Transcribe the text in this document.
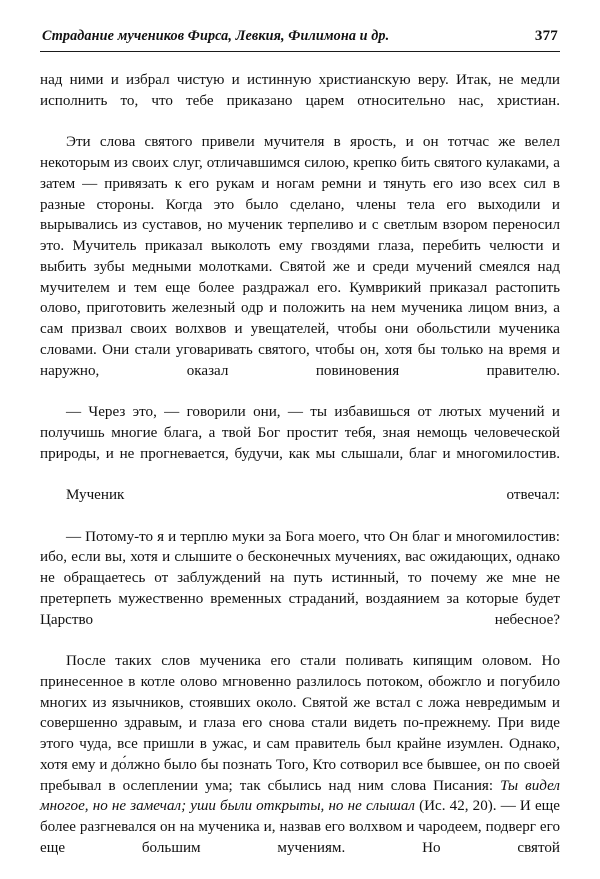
Страдание мучеников Фирса, Левкия, Филимона и др.	377

над ними и избрал чистую и истинную христианскую веру. Итак, не медли исполнить то, что тебе приказано царем относительно нас, христиан.

Эти слова святого привели мучителя в ярость, и он тотчас же велел некоторым из своих слуг, отличавшимся силою, крепко бить святого кулаками, а затем — привязать к его рукам и ногам ремни и тянуть его изо всех сил в разные стороны. Когда это было сделано, члены тела его выходили и вырывались из суставов, но мученик терпеливо и с светлым взором переносил это. Мучитель приказал выколоть ему гвоздями глаза, перебить челюсти и выбить зубы медными молотками. Святой же и среди мучений смеялся над мучителем и тем еще более раздражал его. Кумврикий приказал растопить олово, приготовить железный одр и положить на нем мученика лицом вниз, а сам призвал своих волхвов и увещателей, чтобы они обольстили мученика словами. Они стали уговаривать святого, чтобы он, хотя бы только на время и наружно, оказал повиновения правителю.

— Через это, — говорили они, — ты избавишься от лютых мучений и получишь многие блага, а твой Бог простит тебя, зная немощь человеческой природы, и не прогневается, будучи, как мы слышали, благ и многомилостив.

Мученик отвечал:

— Потому-то я и терплю муки за Бога моего, что Он благ и многомилостив: ибо, если вы, хотя и слышите о бесконечных мучениях, вас ожидающих, однако не обращаетесь от заблуждений на путь истинный, то почему же мне не претерпеть мужественно временных страданий, воздаянием за которые будет Царство небесное?

После таких слов мученика его стали поливать кипящим оловом. Но принесенное в котле олово мгновенно разлилось потоком, обожгло и погубило многих из язычников, стоявших около. Святой же встал с ложа невредимым и совершенно здравым, и глаза его снова стали видеть по-прежнему. При виде этого чуда, все пришли в ужас, и сам правитель был крайне изумлен. Однако, хотя ему и до́лжно было бы познать Того, Кто сотворил все бывшее, он по своей пребывал в ослеплении ума; так сбылись над ним слова Писания: Ты видел многое, но не замечал; уши были открыты, но не слышал (Ис. 42, 20). — И еще более разгневался он на мученика и, назвав его волхвом и чародеем, подверг его еще большим мучениям. Но святой
